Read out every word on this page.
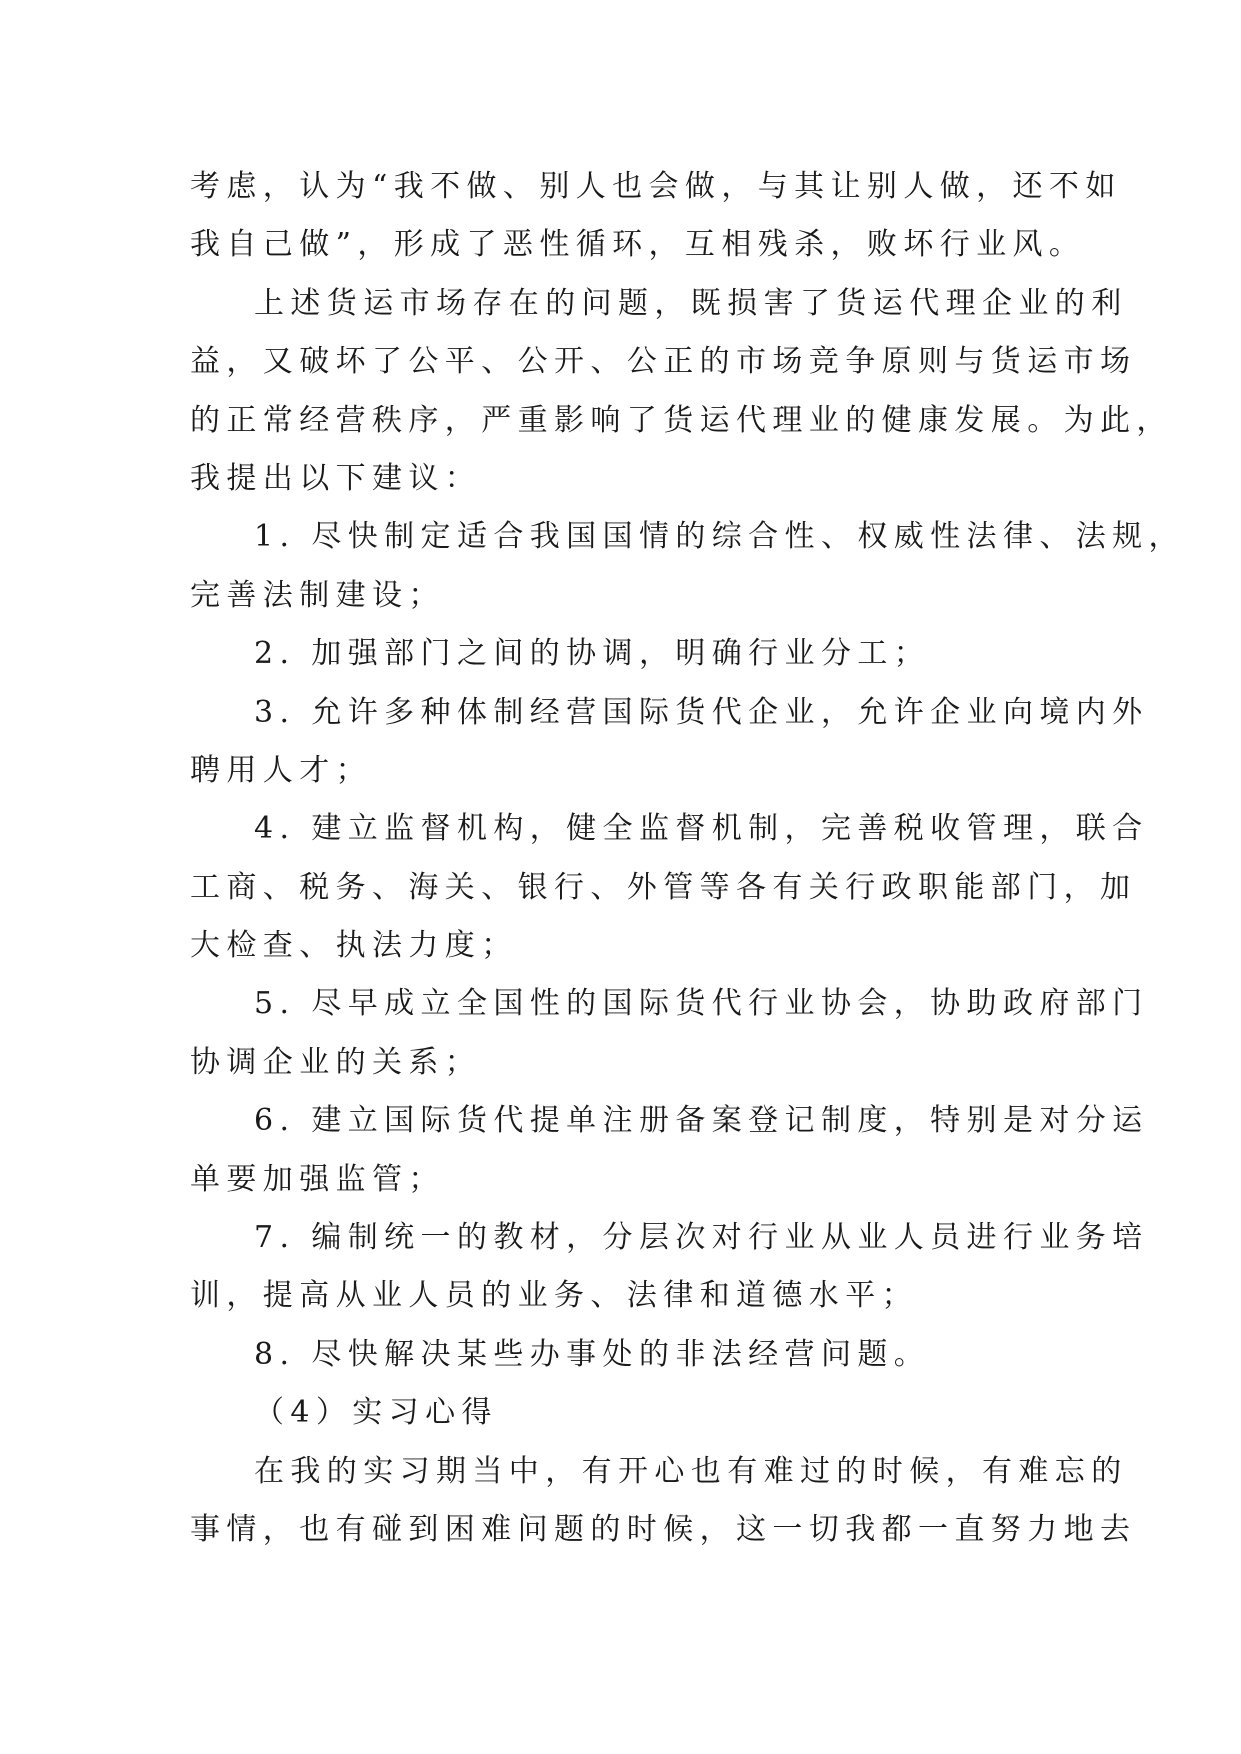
考虑，认为“我不做、别人也会做，与其让别人做，还不如
我自己做”，形成了恶性循环，互相残杀，败坏行业风。
上述货运市场存在的问题，既损害了货运代理企业的利
益，又破坏了公平、公开、公正的市场竞争原则与货运市场
的正常经营秩序，严重影响了货运代理业的健康发展。为此，
我提出以下建议：
1. 尽快制定适合我国国情的综合性、权威性法律、法规，
完善法制建设；
2. 加强部门之间的协调，明确行业分工；
3. 允许多种体制经营国际货代企业，允许企业向境内外
聘用人才；
4. 建立监督机构，健全监督机制，完善税收管理，联合
工商、税务、海关、银行、外管等各有关行政职能部门，加
大检查、执法力度；
5. 尽早成立全国性的国际货代行业协会，协助政府部门
协调企业的关系；
6. 建立国际货代提单注册备案登记制度，特别是对分运
单要加强监管；
7. 编制统一的教材，分层次对行业从业人员进行业务培
训，提高从业人员的业务、法律和道德水平；
8. 尽快解决某些办事处的非法经营问题。
（4）实习心得
在我的实习期当中，有开心也有难过的时候，有难忘的
事情，也有碰到困难问题的时候，这一切我都一直努力地去
